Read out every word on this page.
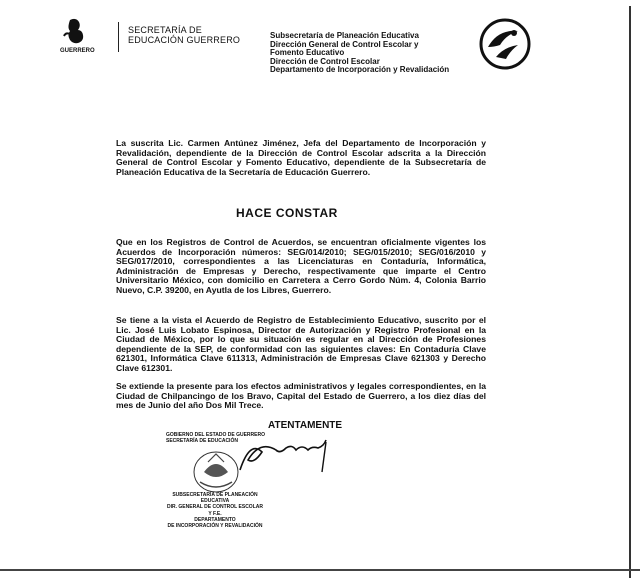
GUERRERO
SECRETARÍA DE
EDUCACIÓN GUERRERO	Subsecretaría de Planeación Educativa
Dirección General de Control Escolar y
Fomento Educativo
Dirección de Control Escolar
Departamento de Incorporación y Revalidación
La suscrita Lic. Carmen Antúnez Jiménez, Jefa del Departamento de Incorporación y Revalidación, dependiente de la Dirección de Control Escolar adscrita a la Dirección General de Control Escolar y Fomento Educativo, dependiente de la Subsecretaría de Planeación Educativa de la Secretaría de Educación Guerrero.
HACE CONSTAR
Que en los Registros de Control de Acuerdos, se encuentran oficialmente vigentes los Acuerdos de Incorporación números: SEG/014/2010; SEG/015/2010; SEG/016/2010 y SEG/017/2010, correspondientes a las Licenciaturas en Contaduría, Informática, Administración de Empresas y Derecho, respectivamente que imparte el Centro Universitario México, con domicilio en Carretera a Cerro Gordo Núm. 4, Colonia Barrio Nuevo, C.P. 39200, en Ayutla de los Libres, Guerrero.
Se tiene a la vista el Acuerdo de Registro de Establecimiento Educativo, suscrito por el Lic. José Luis Lobato Espinosa, Director de Autorización y Registro Profesional en la Ciudad de México, por lo que su situación es regular en al Dirección de Profesiones dependiente de la SEP, de conformidad con las siguientes claves: En Contaduría Clave 621301, Informática Clave 611313, Administración de Empresas Clave 621303 y Derecho Clave 612301.
Se extiende la presente para los efectos administrativos y legales correspondientes, en la Ciudad de Chilpancingo de los Bravo, Capital del Estado de Guerrero, a los diez días del mes de Junio del año Dos Mil Trece.
ATENTAMENTE
GOBIERNO DEL ESTADO DE GUERRERO
SECRETARÍA DE EDUCACIÓN
SUBSECRETARÍA DE PLANEACIÓN EDUCATIVA
DIR. GENERAL DE CONTROL ESCOLAR
Y F.E.
DEPARTAMENTO
DE INCORPORACIÓN Y REVALIDACIÓN
